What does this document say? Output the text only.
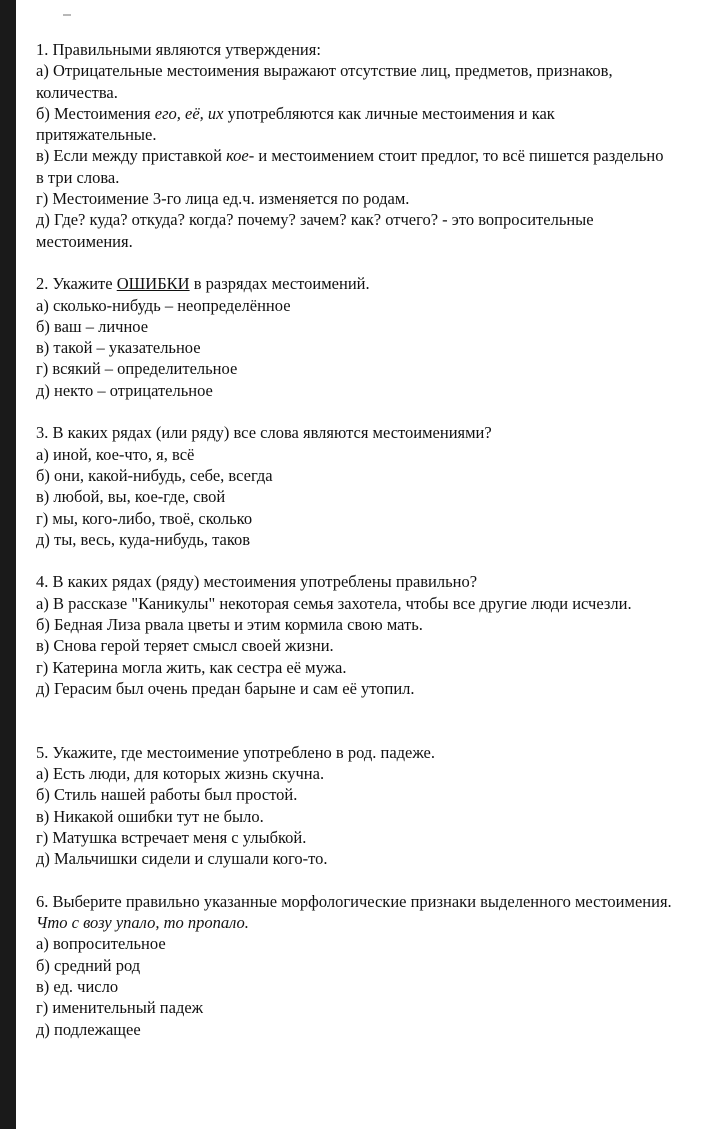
1. Правильными являются утверждения:
а) Отрицательные местоимения выражают отсутствие лиц, предметов, признаков,
количества.
б) Местоимения его, её, их употребляются как личные местоимения и как
притяжательные.
в) Если между приставкой кое- и местоимением стоит предлог, то всё пишется раздельно
в три слова.
г) Местоимение 3-го лица ед.ч. изменяется по родам.
д) Где? куда? откуда? когда? почему? зачем? как? отчего? - это вопросительные
местоимения.
2. Укажите ОШИБКИ в разрядах местоимений.
а) сколько-нибудь – неопределённое
б) ваш – личное
в) такой – указательное
г) всякий – определительное
д) некто – отрицательное
3. В каких рядах (или ряду) все слова являются местоимениями?
а) иной, кое-что, я, всё
б) они, какой-нибудь, себе, всегда
в) любой, вы, кое-где, свой
г) мы, кого-либо, твоё, сколько
д) ты, весь, куда-нибудь, таков
4. В каких рядах (ряду) местоимения употреблены правильно?
а) В рассказе "Каникулы" некоторая семья захотела, чтобы все другие люди исчезли.
б) Бедная Лиза рвала цветы и этим кормила свою мать.
в) Снова герой теряет смысл своей жизни.
г) Катерина могла жить, как сестра её мужа.
д) Герасим был очень предан барыне и сам её утопил.
5. Укажите, где местоимение употреблено в род. падеже.
а) Есть люди, для которых жизнь скучна.
б) Стиль нашей работы был простой.
в) Никакой ошибки тут не было.
г) Матушка встречает меня с улыбкой.
д) Мальчишки сидели и слушали кого-то.
6. Выберите правильно указанные морфологические признаки выделенного местоимения.
Что с возу упало, то пропало.
а) вопросительное
б) средний род
в) ед. число
г) именительный падеж
д) подлежащее
